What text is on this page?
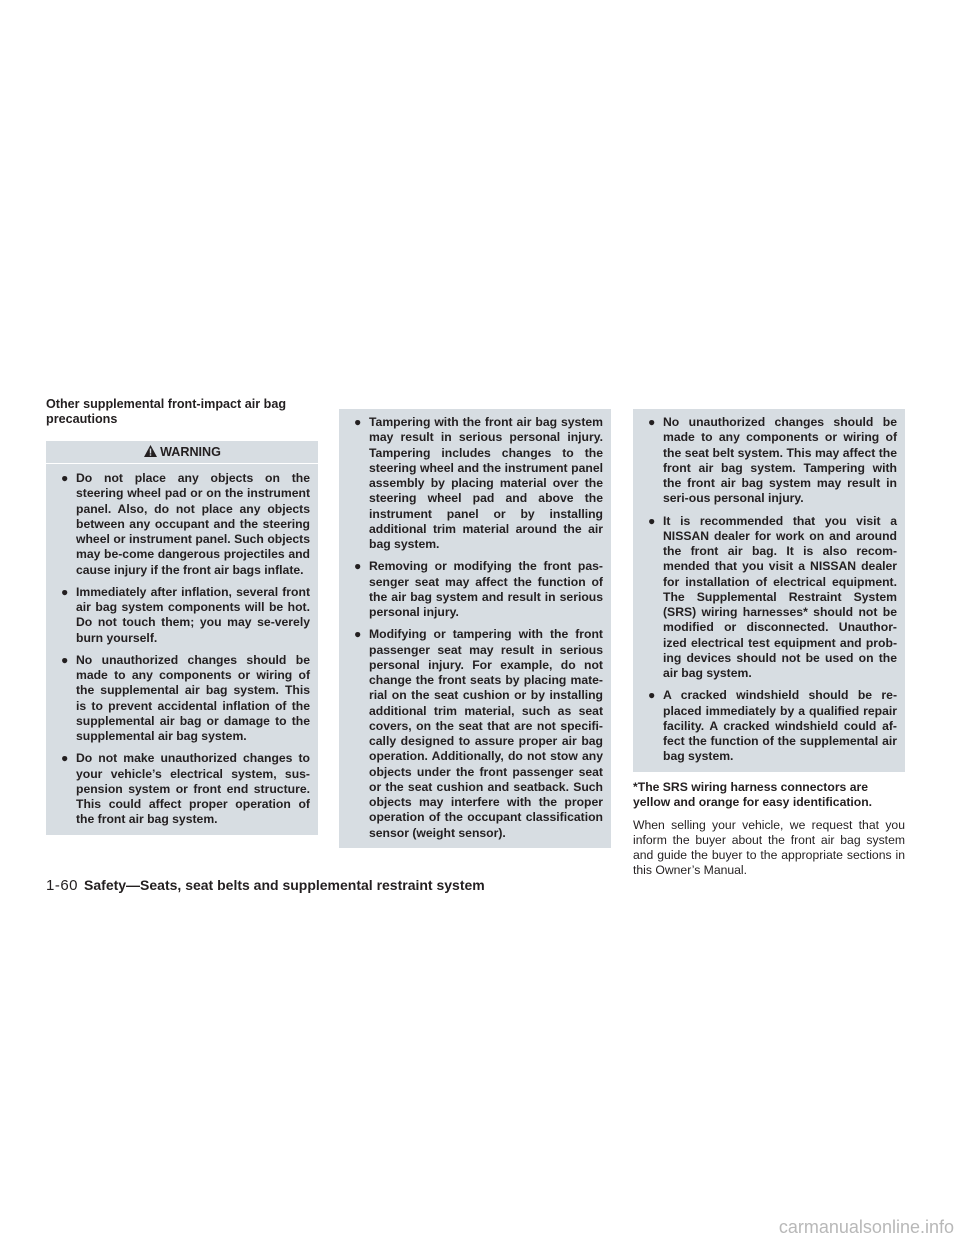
Other supplemental front-impact air bag precautions

WARNING
● Do not place any objects on the steering wheel pad or on the instrument panel. Also, do not place any objects between any occupant and the steering wheel or instrument panel. Such objects may be-come dangerous projectiles and cause injury if the front air bags inflate.
● Immediately after inflation, several front air bag system components will be hot. Do not touch them; you may se-verely burn yourself.
● No unauthorized changes should be made to any components or wiring of the supplemental air bag system. This is to prevent accidental inflation of the supplemental air bag or damage to the supplemental air bag system.
● Do not make unauthorized changes to your vehicle’s electrical system, sus-pension system or front end structure. This could affect proper operation of the front air bag system.
● Tampering with the front air bag system may result in serious personal injury. Tampering includes changes to the steering wheel and the instrument panel assembly by placing material over the steering wheel pad and above the instrument panel or by installing additional trim material around the air bag system.
● Removing or modifying the front pas-senger seat may affect the function of the air bag system and result in serious personal injury.
● Modifying or tampering with the front passenger seat may result in serious personal injury. For example, do not change the front seats by placing mate-rial on the seat cushion or by installing additional trim material, such as seat covers, on the seat that are not specifi-cally designed to assure proper air bag operation. Additionally, do not stow any objects under the front passenger seat or the seat cushion and seatback. Such objects may interfere with the proper operation of the occupant classification sensor (weight sensor).
● No unauthorized changes should be made to any components or wiring of the seat belt system. This may affect the front air bag system. Tampering with the front air bag system may result in seri-ous personal injury.
● It is recommended that you visit a NISSAN dealer for work on and around the front air bag. It is also recom-mended that you visit a NISSAN dealer for installation of electrical equipment. The Supplemental Restraint System (SRS) wiring harnesses* should not be modified or disconnected. Unauthor-ized electrical test equipment and prob-ing devices should not be used on the air bag system.
● A cracked windshield should be re-placed immediately by a qualified repair facility. A cracked windshield could af-fect the function of the supplemental air bag system.

*The SRS wiring harness connectors are yellow and orange for easy identification.

When selling your vehicle, we request that you inform the buyer about the front air bag system and guide the buyer to the appropriate sections in this Owner’s Manual.

1-60 Safety—Seats, seat belts and supplemental restraint system
carmanualsonline.info
